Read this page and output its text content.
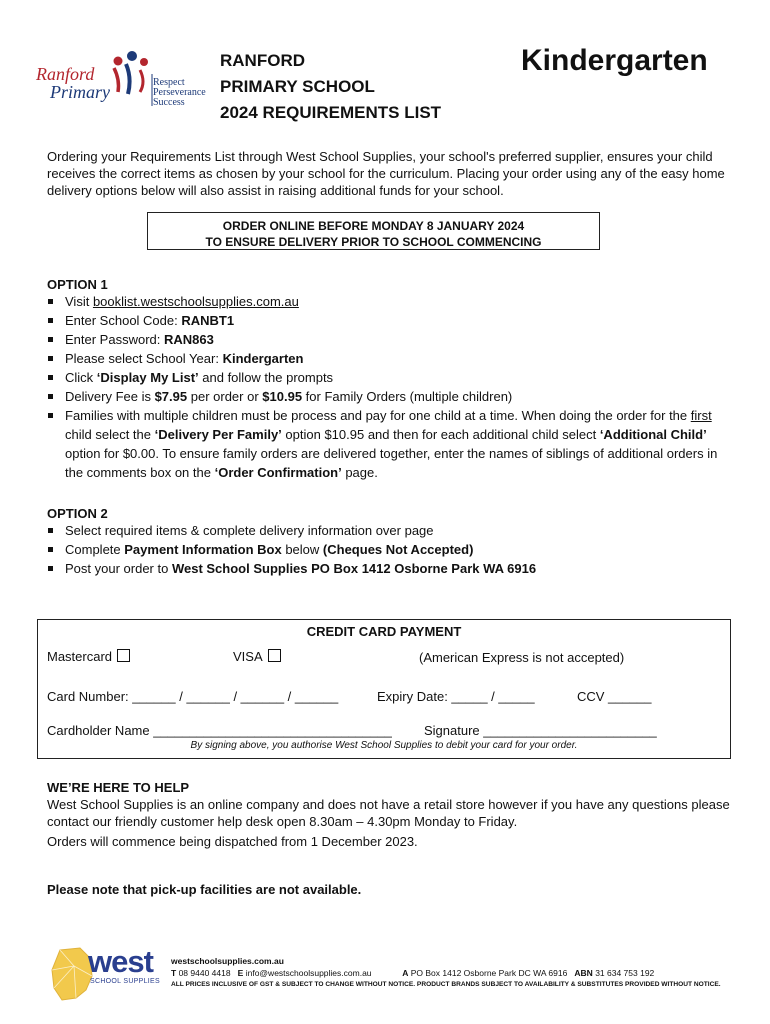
Ranford
Primary	Respect
Perseverance
Success
RANFORD
PRIMARY SCHOOL
2024 REQUIREMENTS LIST
Kindergarten
Ordering your Requirements List through West School Supplies, your school's preferred supplier, ensures your child receives the correct items as chosen by your school for the curriculum. Placing your order using any of the easy home delivery options below will also assist in raising additional funds for your school.
ORDER ONLINE BEFORE MONDAY 8 JANUARY 2024
TO ENSURE DELIVERY PRIOR TO SCHOOL COMMENCING
OPTION 1
Visit booklist.westschoolsupplies.com.au
Enter School Code: RANBT1
Enter Password: RAN863
Please select School Year: Kindergarten
Click ‘Display My List’ and follow the prompts
Delivery Fee is $7.95 per order or $10.95 for Family Orders (multiple children)
Families with multiple children must be process and pay for one child at a time. When doing the order for the first child select the ‘Delivery Per Family’ option $10.95 and then for each additional child select ‘Additional Child’ option for $0.00. To ensure family orders are delivered together, enter the names of siblings of additional orders in the comments box on the ‘Order Confirmation’ page.
OPTION 2
Select required items & complete delivery information over page
Complete Payment Information Box below (Cheques Not Accepted)
Post your order to West School Supplies PO Box 1412 Osborne Park WA 6916
CREDIT CARD PAYMENT
Mastercard	VISA	(American Express is not accepted)
Card Number: ______ / ______ / ______ / ______	Expiry Date: _____ / _____	CCV ______
Cardholder Name _________________________________ Signature ________________________
By signing above, you authorise West School Supplies to debit your card for your order.
WE’RE HERE TO HELP

West School Supplies is an online company and does not have a retail store however if you have any questions please contact our friendly customer help desk open 8.30am – 4.30pm Monday to Friday.

Orders will commence being dispatched from 1 December 2023.

Please note that pick-up facilities are not available.
west
SCHOOL SUPPLIES
westschoolsupplies.com.au
T 08 9440 4418 E info@westschoolsupplies.com.au	A PO Box 1412 Osborne Park DC WA 6916 ABN 31 634 753 192
ALL PRICES INCLUSIVE OF GST & SUBJECT TO CHANGE WITHOUT NOTICE. PRODUCT BRANDS SUBJECT TO AVAILABILITY & SUBSTITUTES PROVIDED WITHOUT NOTICE.
